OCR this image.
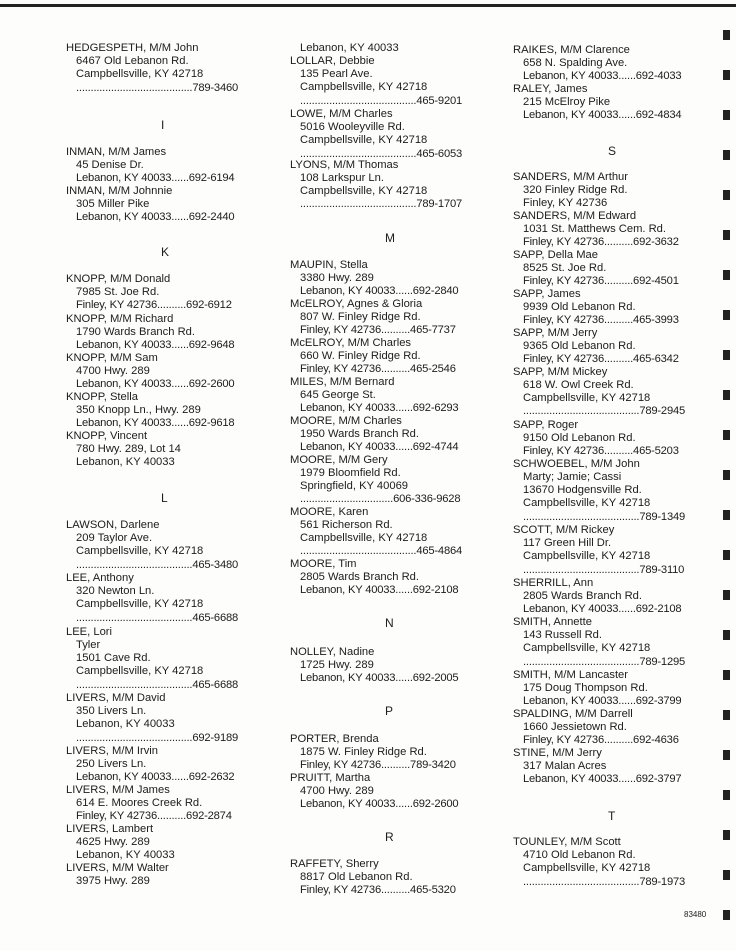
HEDGESPETH, M/M John
6467 Old Lebanon Rd.
Campbellsville, KY 42718
........................................789-3460
INMAN, M/M James
45 Denise Dr.
Lebanon, KY 40033......692-6194
INMAN, M/M Johnnie
305 Miller Pike
Lebanon, KY 40033......692-2440
KNOPP, M/M Donald
7985 St. Joe Rd.
Finley, KY 42736..........692-6912
KNOPP, M/M Richard
1790 Wards Branch Rd.
Lebanon, KY 40033......692-9648
KNOPP, M/M Sam
4700 Hwy. 289
Lebanon, KY 40033......692-2600
KNOPP, Stella
350 Knopp Ln., Hwy. 289
Lebanon, KY 40033......692-9618
KNOPP, Vincent
780 Hwy. 289, Lot 14
Lebanon, KY 40033
LAWSON, Darlene
209 Taylor Ave.
Campbellsville, KY 42718
........................................465-3480
LEE, Anthony
320 Newton Ln.
Campbellsville, KY 42718
........................................465-6688
LEE, Lori
Tyler
1501 Cave Rd.
Campbellsville, KY 42718
........................................465-6688
LIVERS, M/M David
350 Livers Ln.
Lebanon, KY 40033
........................................692-9189
LIVERS, M/M Irvin
250 Livers Ln.
Lebanon, KY 40033......692-2632
LIVERS, M/M James
614 E. Moores Creek Rd.
Finley, KY 42736..........692-2874
LIVERS, Lambert
4625 Hwy. 289
Lebanon, KY 40033
LIVERS, M/M Walter
3975 Hwy. 289
I
K
L
Lebanon, KY 40033
LOLLAR, Debbie
135 Pearl Ave.
Campbellsville, KY 42718
........................................465-9201
LOWE, M/M Charles
5016 Wooleyville Rd.
Campbellsville, KY 42718
........................................465-6053
LYONS, M/M Thomas
108 Larkspur Ln.
Campbellsville, KY 42718
........................................789-1707
MAUPIN, Stella
3380 Hwy. 289
Lebanon, KY 40033......692-2840
McELROY, Agnes & Gloria
807 W. Finley Ridge Rd.
Finley, KY 42736..........465-7737
McELROY, M/M Charles
660 W. Finley Ridge Rd.
Finley, KY 42736..........465-2546
MILES, M/M Bernard
645 George St.
Lebanon, KY 40033......692-6293
MOORE, M/M Charles
1950 Wards Branch Rd.
Lebanon, KY 40033......692-4744
MOORE, M/M Gery
1979 Bloomfield Rd.
Springfield, KY 40069
................................606-336-9628
MOORE, Karen
561 Richerson Rd.
Campbellsville, KY 42718
........................................465-4864
MOORE, Tim
2805 Wards Branch Rd.
Lebanon, KY 40033......692-2108
NOLLEY, Nadine
1725 Hwy. 289
Lebanon, KY 40033......692-2005
PORTER, Brenda
1875 W. Finley Ridge Rd.
Finley, KY 42736..........789-3420
PRUITT, Martha
4700 Hwy. 289
Lebanon, KY 40033......692-2600
RAFFETY, Sherry
8817 Old Lebanon Rd.
Finley, KY 42736..........465-5320
M
N
P
R
RAIKES, M/M Clarence
658 N. Spalding Ave.
Lebanon, KY 40033......692-4033
RALEY, James
215 McElroy Pike
Lebanon, KY 40033......692-4834
SANDERS, M/M Arthur
320 Finley Ridge Rd.
Finley, KY 42736
SANDERS, M/M Edward
1031 St. Matthews Cem. Rd.
Finley, KY 42736..........692-3632
SAPP, Della Mae
8525 St. Joe Rd.
Finley, KY 42736..........692-4501
SAPP, James
9939 Old Lebanon Rd.
Finley, KY 42736..........465-3993
SAPP, M/M Jerry
9365 Old Lebanon Rd.
Finley, KY 42736..........465-6342
SAPP, M/M Mickey
618 W. Owl Creek Rd.
Campbellsville, KY 42718
........................................789-2945
SAPP, Roger
9150 Old Lebanon Rd.
Finley, KY 42736..........465-5203
SCHWOEBEL, M/M John
Marty; Jamie; Cassi
13670 Hodgensville Rd.
Campbellsville, KY 42718
........................................789-1349
SCOTT, M/M Rickey
117 Green Hill Dr.
Campbellsville, KY 42718
........................................789-3110
SHERRILL, Ann
2805 Wards Branch Rd.
Lebanon, KY 40033......692-2108
SMITH, Annette
143 Russell Rd.
Campbellsville, KY 42718
........................................789-1295
SMITH, M/M Lancaster
175 Doug Thompson Rd.
Lebanon, KY 40033......692-3799
SPALDING, M/M Darrell
1660 Jessietown Rd.
Finley, KY 42736..........692-4636
STINE, M/M Jerry
317 Malan Acres
Lebanon, KY 40033......692-3797
TOUNLEY, M/M Scott
4710 Old Lebanon Rd.
Campbellsville, KY 42718
........................................789-1973
S
T
83480
